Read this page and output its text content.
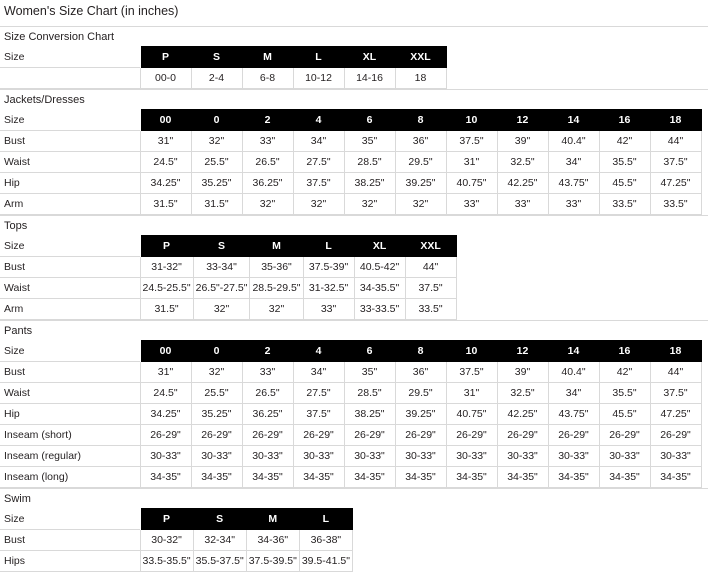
Women's Size Chart (in inches)
Size Conversion Chart
Size	P	S	M	L	XL	XXL
	00-0	2-4	6-8	10-12	14-16	18
Jackets/Dresses
Size	00	0	2	4	6	8	10	12	14	16	18
Bust	31"	32"	33"	34"	35"	36"	37.5"	39"	40.4"	42"	44"
Waist	24.5"	25.5"	26.5"	27.5"	28.5"	29.5"	31"	32.5"	34"	35.5"	37.5"
Hip	34.25"	35.25"	36.25"	37.5"	38.25"	39.25"	40.75"	42.25"	43.75"	45.5"	47.25"
Arm	31.5"	31.5"	32"	32"	32"	32"	33"	33"	33"	33.5"	33.5"
Tops
Size	P	S	M	L	XL	XXL
Bust	31-32"	33-34"	35-36"	37.5-39"	40.5-42"	44"
Waist	24.5-25.5"	26.5"-27.5"	28.5-29.5"	31-32.5"	34-35.5"	37.5"
Arm	31.5"	32"	32"	33"	33-33.5"	33.5"
Pants
Size	00	0	2	4	6	8	10	12	14	16	18
Bust	31"	32"	33"	34"	35"	36"	37.5"	39"	40.4"	42"	44"
Waist	24.5"	25.5"	26.5"	27.5"	28.5"	29.5"	31"	32.5"	34"	35.5"	37.5"
Hip	34.25"	35.25"	36.25"	37.5"	38.25"	39.25"	40.75"	42.25"	43.75"	45.5"	47.25"
Inseam (short)	26-29"	26-29"	26-29"	26-29"	26-29"	26-29"	26-29"	26-29"	26-29"	26-29"	26-29"
Inseam (regular)	30-33"	30-33"	30-33"	30-33"	30-33"	30-33"	30-33"	30-33"	30-33"	30-33"	30-33"
Inseam (long)	34-35"	34-35"	34-35"	34-35"	34-35"	34-35"	34-35"	34-35"	34-35"	34-35"	34-35"
Swim
Size	P	S	M	L
Bust	30-32"	32-34"	34-36"	36-38"
Hips	33.5-35.5"	35.5-37.5"	37.5-39.5"	39.5-41.5"
